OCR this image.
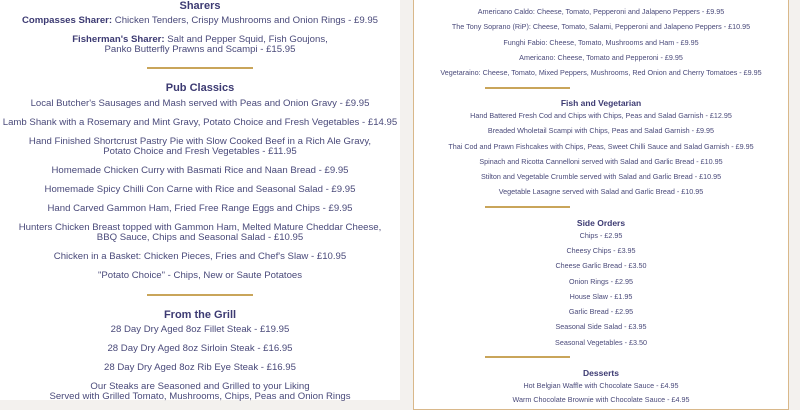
Sharers
Compasses Sharer: Chicken Tenders, Crispy Mushrooms and Onion Rings - £9.95
Fisherman's Sharer: Salt and Pepper Squid, Fish Goujons,
Panko Butterfly Prawns and Scampi - £15.95
Pub Classics
Local Butcher's Sausages and Mash served with Peas and Onion Gravy - £9.95
Lamb Shank with a Rosemary and Mint Gravy, Potato Choice and Fresh Vegetables - £14.95
Hand Finished Shortcrust Pastry Pie with Slow Cooked Beef in a Rich Ale Gravy,
Potato Choice and Fresh Vegetables - £11.95
Homemade Chicken Curry with Basmati Rice and Naan Bread - £9.95
Homemade Spicy Chilli Con Carne with Rice and Seasonal Salad - £9.95
Hand Carved Gammon Ham, Fried Free Range Eggs and Chips - £9.95
Hunters Chicken Breast topped with Gammon Ham, Melted Mature Cheddar Cheese,
BBQ Sauce, Chips and Seasonal Salad - £10.95
Chicken in a Basket: Chicken Pieces, Fries and Chef's Slaw - £10.95
"Potato Choice" - Chips, New or Saute Potatoes
From the Grill
28 Day Dry Aged 8oz Fillet Steak - £19.95
28 Day Dry Aged 8oz Sirloin Steak - £16.95
28 Day Dry Aged 8oz Rib Eye Steak - £16.95
Our Steaks are Seasoned and Grilled to your Liking
Served with Grilled Tomato, Mushrooms, Chips, Peas and Onion Rings
Americano Caldo: Cheese, Tomato, Pepperoni and Jalapeno Peppers - £9.95
The Tony Soprano (RiP): Cheese, Tomato, Salami, Pepperoni and Jalapeno Peppers - £10.95
Funghi Fabio: Cheese, Tomato, Mushrooms and Ham - £9.95
Americano: Cheese, Tomato and Pepperoni - £9.95
Vegetaraino: Cheese, Tomato, Mixed Peppers, Mushrooms, Red Onion and Cherry Tomatoes - £9.95
Fish and Vegetarian
Hand Battered Fresh Cod and Chips with Chips, Peas and Salad Garnish - £12.95
Breaded Wholetail Scampi with Chips, Peas and Salad Garnish - £9.95
Thai Cod and Prawn Fishcakes with Chips, Peas, Sweet Chilli Sauce and Salad Garnish - £9.95
Spinach and Ricotta Cannelloni served with Salad and Garlic Bread - £10.95
Stilton and Vegetable Crumble served with Salad and Garlic Bread - £10.95
Vegetable Lasagne served with Salad and Garlic Bread - £10.95
Side Orders
Chips - £2.95
Cheesy Chips - £3.95
Cheese Garlic Bread - £3.50
Onion Rings - £2.95
House Slaw - £1.95
Garlic Bread - £2.95
Seasonal Side Salad - £3.95
Seasonal Vegetables - £3.50
Desserts
Hot Belgian Waffle with Chocolate Sauce - £4.95
Warm Chocolate Brownie with Chocolate Sauce - £4.95
